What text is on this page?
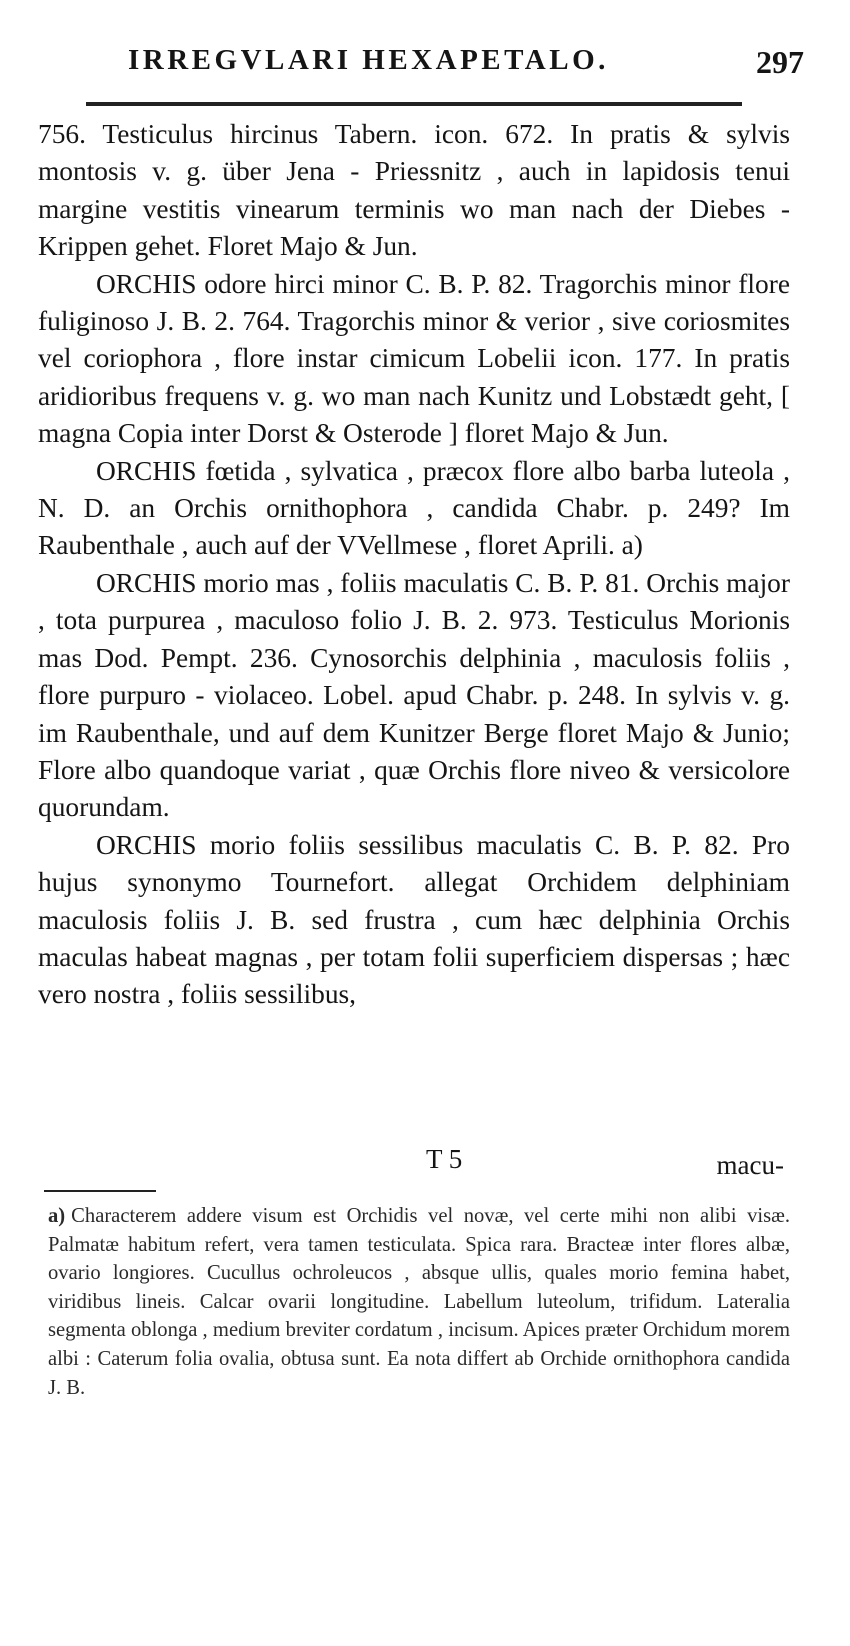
IRREGVLARI HEXAPETALO.	297

756. Testiculus hircinus Tabern. icon. 672. In pratis & sylvis montosis v. g. über Jena - Priessnitz , auch in lapidosis tenui margine vestitis vinearum terminis wo man nach der Diebes - Krippen gehet. Floret Majo & Jun.

ORCHIS odore hirci minor C. B. P. 82. Tragorchis minor flore fuliginoso J. B. 2. 764. Tragorchis minor & verior , sive coriosmites vel coriophora , flore instar cimicum Lobelii icon. 177. In pratis aridioribus frequens v. g. wo man nach Kunitz und Lobstædt geht, [ magna Copia inter Dorst & Osterode ] floret Majo & Jun.

ORCHIS fœtida , sylvatica , præcox flore albo barba luteola , N. D. an Orchis ornithophora , candida Chabr. p. 249? Im Raubenthale , auch auf der VVellmese , floret Aprili. a)

ORCHIS morio mas , foliis maculatis C. B. P. 81. Orchis major , tota purpurea , maculoso folio J. B. 2. 973. Testiculus Morionis mas Dod. Pempt. 236. Cynosorchis delphinia , maculosis foliis , flore purpuro - violaceo. Lobel. apud Chabr. p. 248. In sylvis v. g. im Raubenthale, und auf dem Kunitzer Berge floret Majo & Junio; Flore albo quandoque variat , quæ Orchis flore niveo & versicolore quorundam.

ORCHIS morio foliis sessilibus maculatis C. B. P. 82. Pro hujus synonymo Tournefort. allegat Orchidem delphiniam maculosis foliis J. B. sed frustra , cum hæc delphinia Orchis maculas habeat magnas , per totam folii superficiem dispersas ; hæc vero nostra , foliis sessilibus,

T 5	macu-

a) Characterem addere visum est Orchidis vel novæ, vel certe mihi non alibi visæ. Palmatæ habitum refert, vera tamen testiculata. Spica rara. Bracteæ inter flores albæ, ovario longiores. Cucullus ochroleucos , absque ullis, quales morio femina habet, viridibus lineis. Calcar ovarii longitudine. Labellum luteolum, trifidum. Lateralia segmenta oblonga , medium breviter cordatum , incisum. Apices præter Orchidum morem albi : Caterum folia ovalia, obtusa sunt. Ea nota differt ab Orchide ornithophora candida J. B.
